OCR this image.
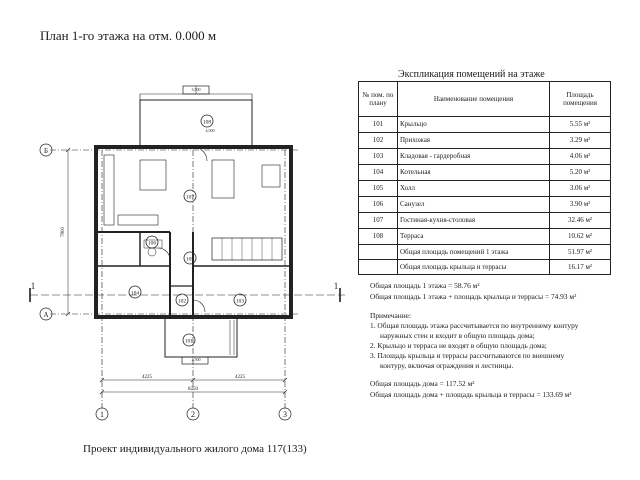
План 1-го этажа на отм. 0.000 м
108
107
106
105
104
103
102
101
1	2	3
А
Б
1	1
4225	4225
8250
7800
3,500
4,500
2,500
Проект индивидуального жилого дома 117(133)
Экспликация помещений на этаже
№ пом. по плану	Наименование помещения	Площадь помещения
101	Крыльцо	5.55 м²
102	Прихожая	3.29 м²
103	Кладовая - гардеробная	4.06 м²
104	Котельная	5.20 м²
105	Холл	3.06 м²
106	Санузел	3.90 м²
107	Гостиная-кухня-столовая	32.46 м²
108	Терраса	10.62 м²
	Общая площадь помещений 1 этажа	51.97 м²
	Общая площадь крыльца и террасы	16.17 м²
Общая площадь 1 этажа = 58.76 м²
Общая площадь 1 этажа + площадь крыльца и террасы = 74.93 м²
Примечание:
1. Общая площадь этажа рассчитывается по внутреннему контуру
наружных стен и входит в общую площадь дома;
2. Крыльцо и терраса не входят в общую площадь дома;
3. Площадь крыльца и террасы рассчитываются по внешнему
контуру, включая ограждения и лестницы.
Общая площадь дома = 117.52 м²
Общая площадь дома + площадь крыльца и террасы = 133.69 м²
